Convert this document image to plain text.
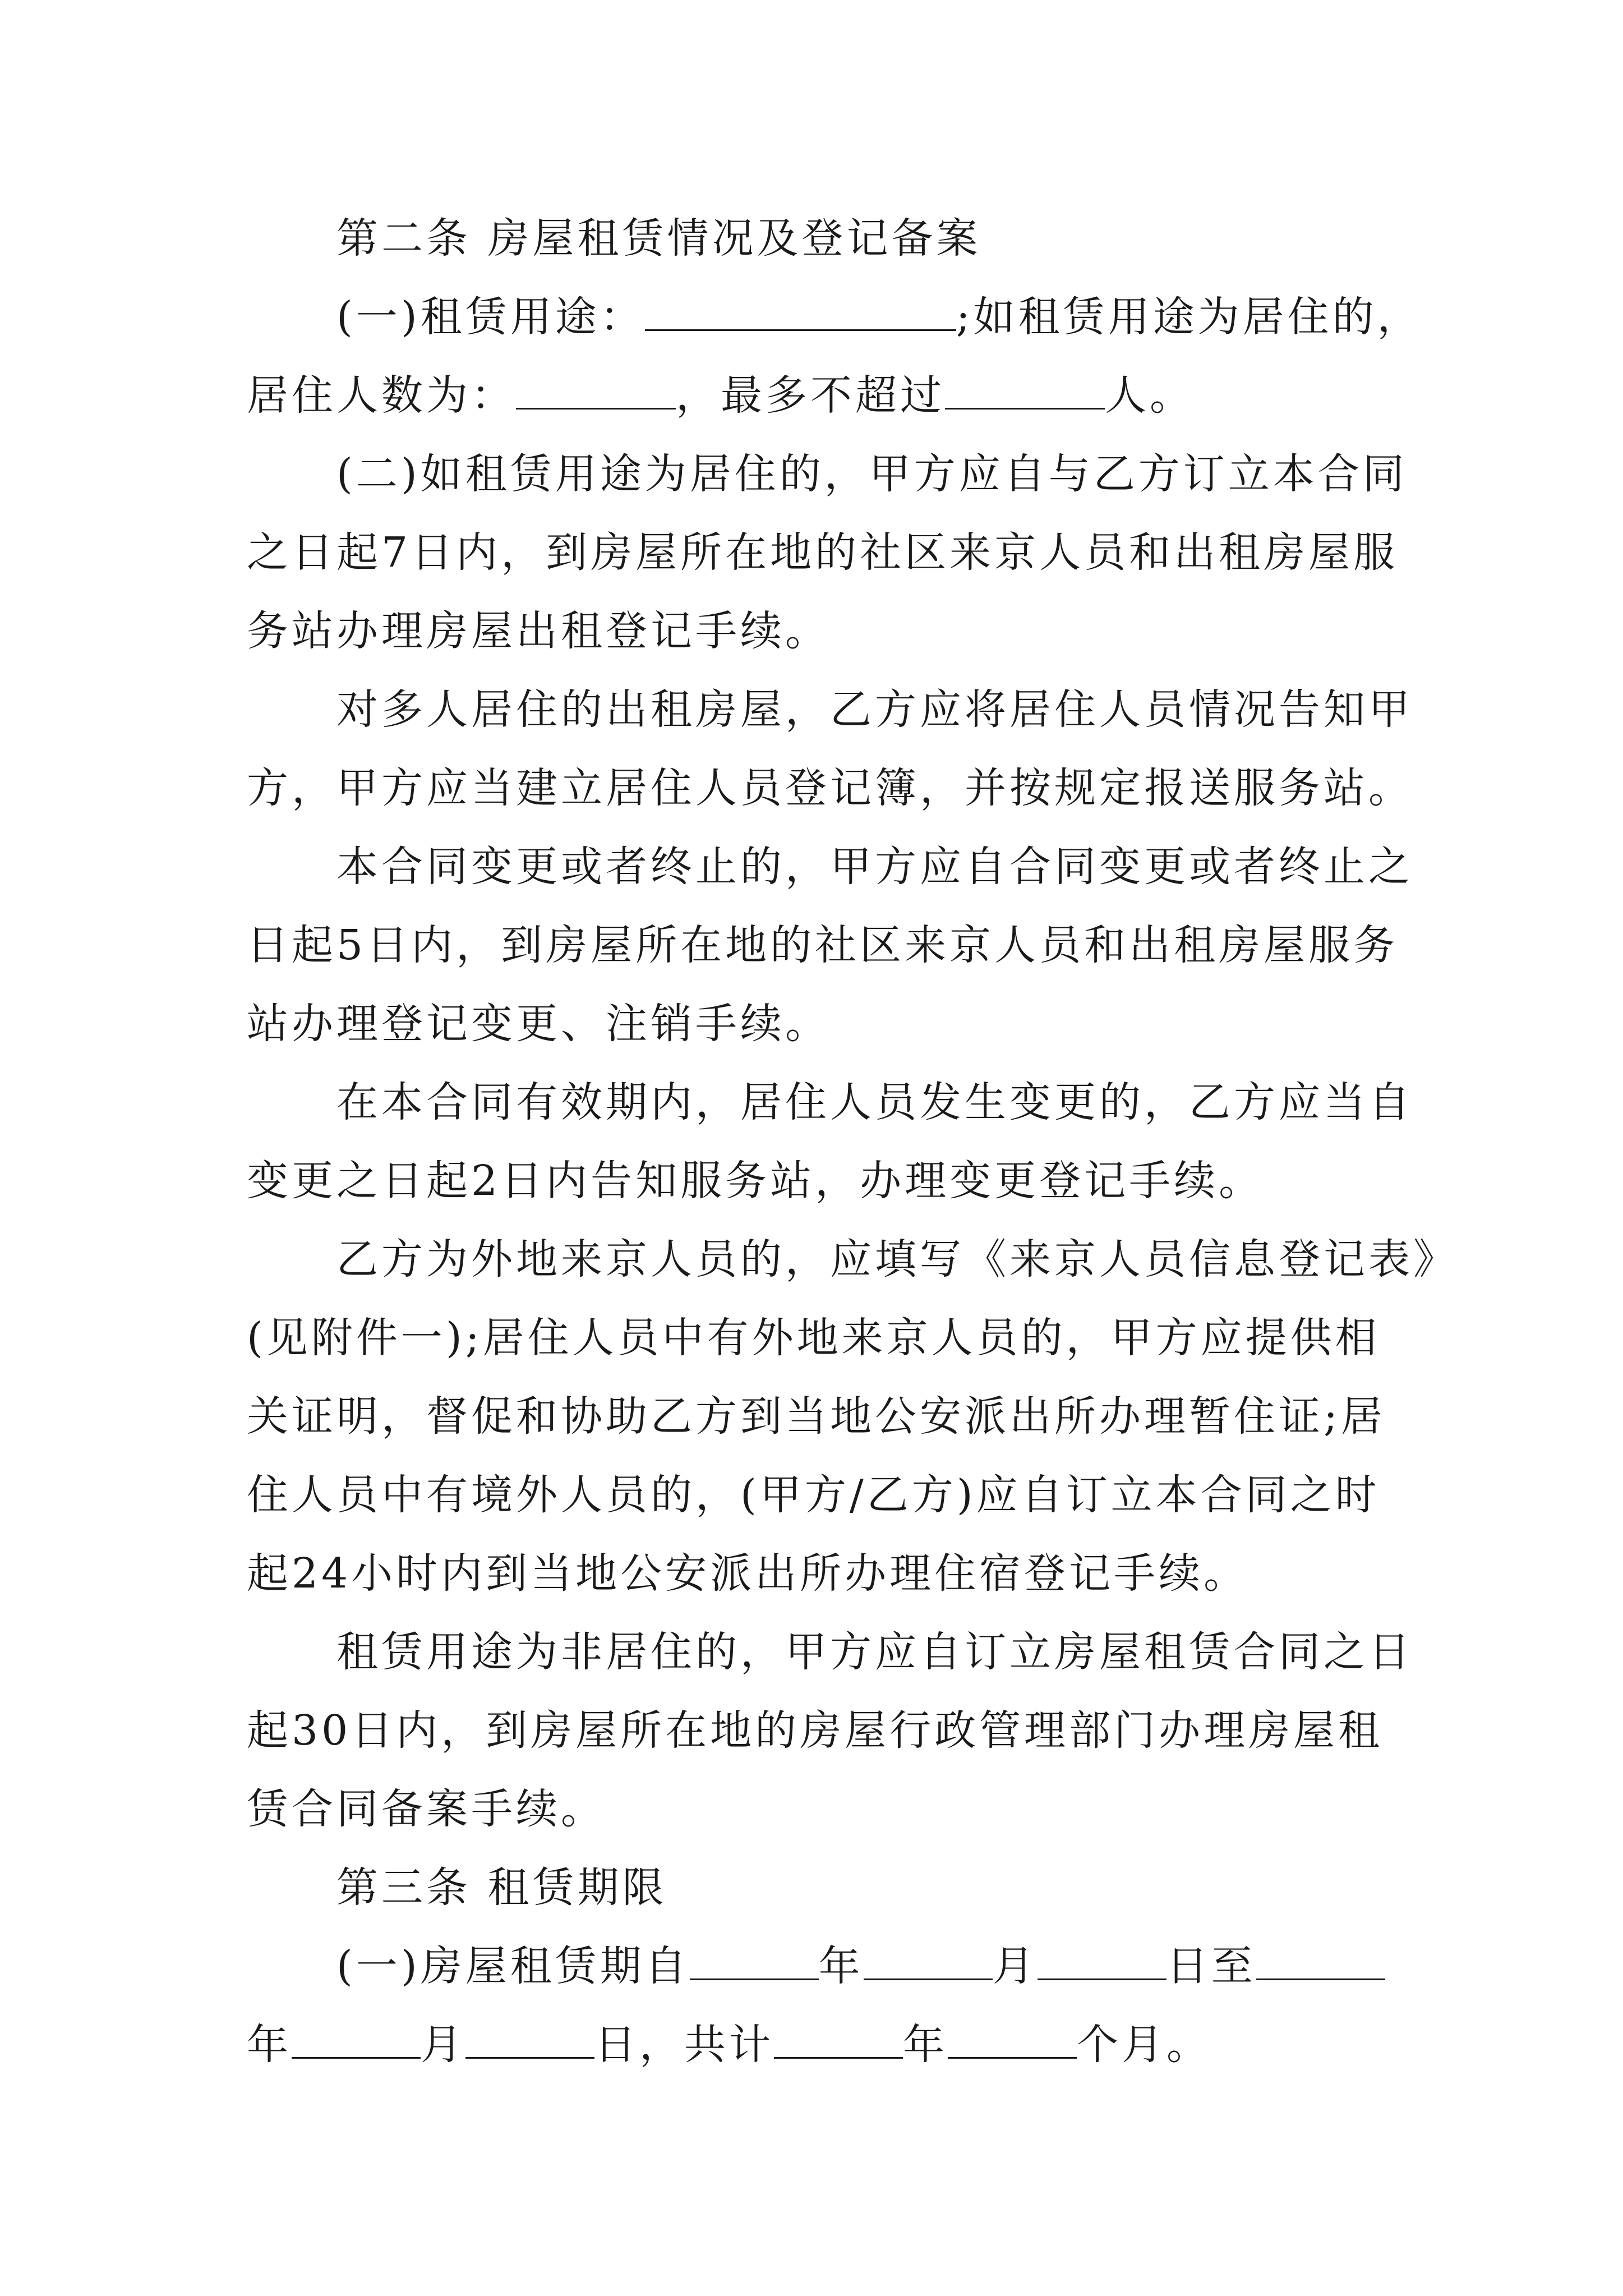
第二条 房屋租赁情况及登记备案
(一)租赁用途：	;如租赁用途为居住的，
居住人数为：	，最多不超过	人。
(二)如租赁用途为居住的，甲方应自与乙方订立本合同
之日起7日内，到房屋所在地的社区来京人员和出租房屋服
务站办理房屋出租登记手续。
对多人居住的出租房屋，乙方应将居住人员情况告知甲
方，甲方应当建立居住人员登记簿，并按规定报送服务站。
本合同变更或者终止的，甲方应自合同变更或者终止之
日起5日内，到房屋所在地的社区来京人员和出租房屋服务
站办理登记变更、注销手续。
在本合同有效期内，居住人员发生变更的，乙方应当自
变更之日起2日内告知服务站，办理变更登记手续。
乙方为外地来京人员的，应填写《来京人员信息登记表》
(见附件一);居住人员中有外地来京人员的，甲方应提供相
关证明，督促和协助乙方到当地公安派出所办理暂住证;居
住人员中有境外人员的，(甲方/乙方)应自订立本合同之时
起24小时内到当地公安派出所办理住宿登记手续。
租赁用途为非居住的，甲方应自订立房屋租赁合同之日
起30日内，到房屋所在地的房屋行政管理部门办理房屋租
赁合同备案手续。
第三条 租赁期限
(一)房屋租赁期自	年	月	日至
年	月	日，共计	年	个月。
